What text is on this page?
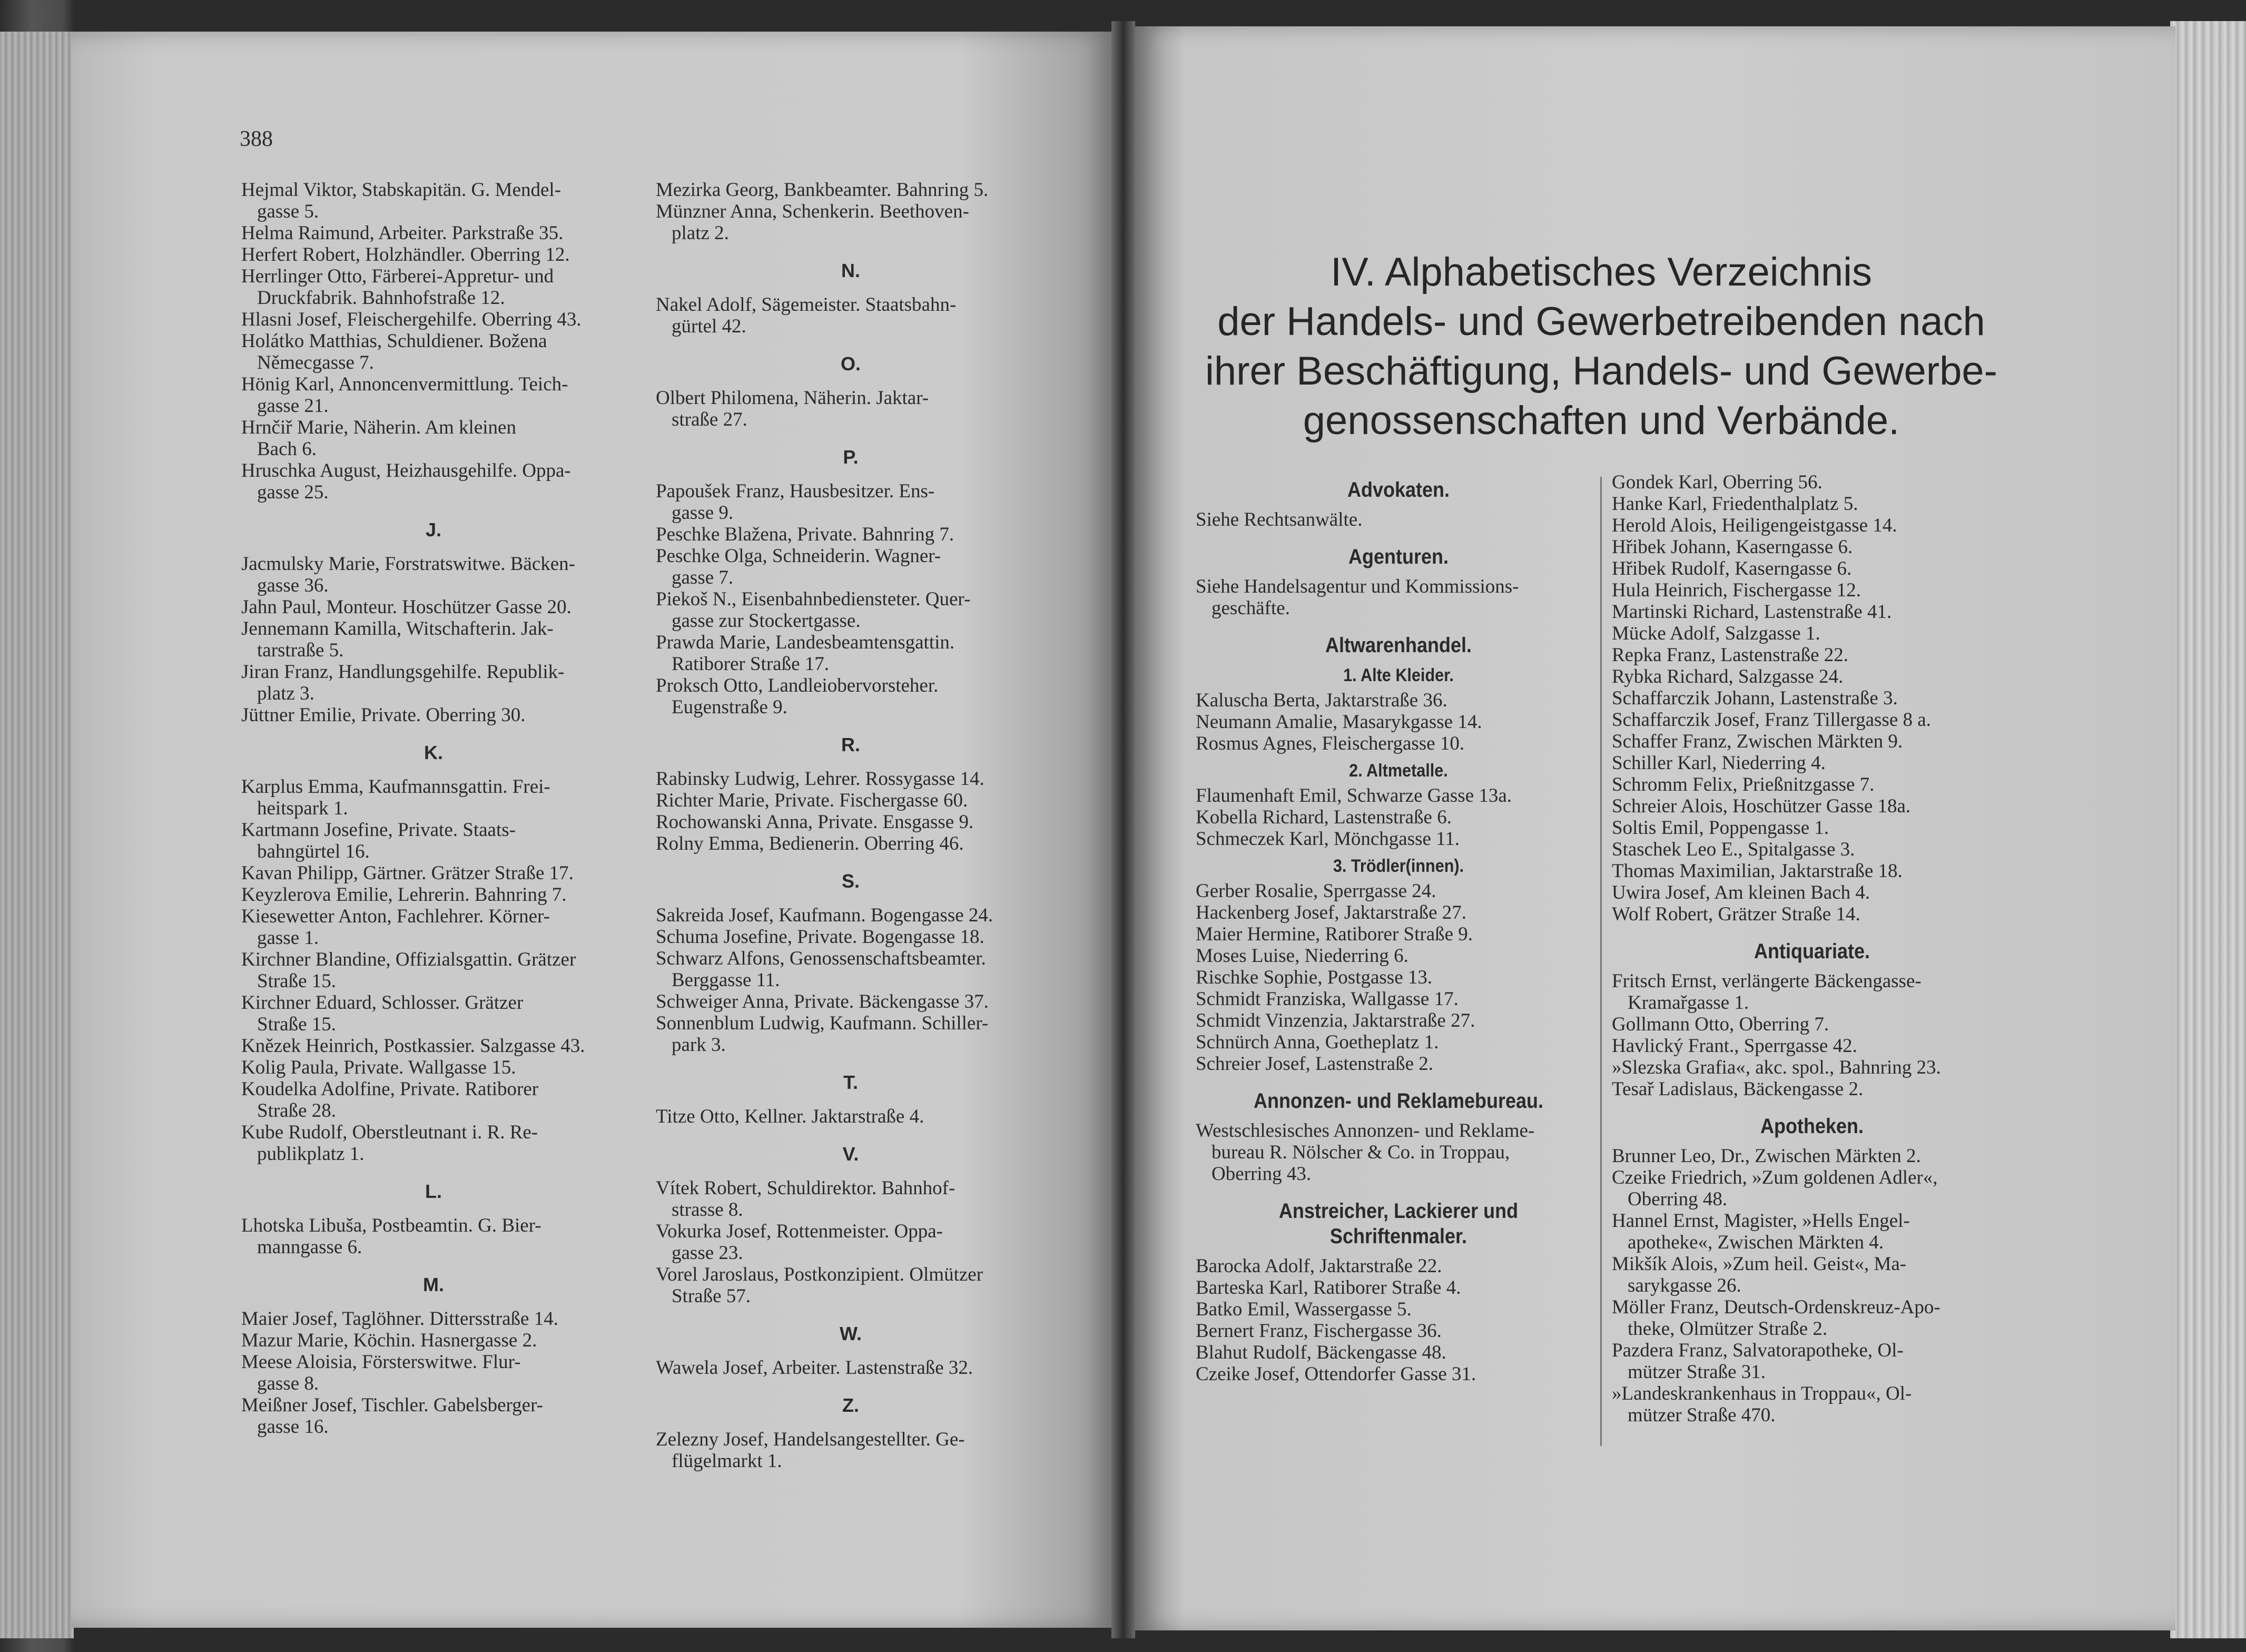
388
Hejmal Viktor, Stabskapitän. G. Mendel-
gasse 5.
Helma Raimund, Arbeiter. Parkstraße 35.
Herfert Robert, Holzhändler. Oberring 12.
Herrlinger Otto, Färberei-Appretur- und
Druckfabrik. Bahnhofstraße 12.
Hlasni Josef, Fleischergehilfe. Oberring 43.
Holátko Matthias, Schuldiener. Božena
Němecgasse 7.
Hönig Karl, Annoncenvermittlung. Teich-
gasse 21.
Hrnčiř Marie, Näherin. Am kleinen
Bach 6.
Hruschka August, Heizhausgehilfe. Oppa-
gasse 25.
J.
Jacmulsky Marie, Forstratswitwe. Bäcken-
gasse 36.
Jahn Paul, Monteur. Hoschützer Gasse 20.
Jennemann Kamilla, Witschafterin. Jak-
tarstraße 5.
Jiran Franz, Handlungsgehilfe. Republik-
platz 3.
Jüttner Emilie, Private. Oberring 30.
K.
Karplus Emma, Kaufmannsgattin. Frei-
heitspark 1.
Kartmann Josefine, Private. Staats-
bahngürtel 16.
Kavan Philipp, Gärtner. Grätzer Straße 17.
Keyzlerova Emilie, Lehrerin. Bahnring 7.
Kiesewetter Anton, Fachlehrer. Körner-
gasse 1.
Kirchner Blandine, Offizialsgattin. Grätzer
Straße 15.
Kirchner Eduard, Schlosser. Grätzer
Straße 15.
Knězek Heinrich, Postkassier. Salzgasse 43.
Kolig Paula, Private. Wallgasse 15.
Koudelka Adolfine, Private. Ratiborer
Straße 28.
Kube Rudolf, Oberstleutnant i. R. Re-
publikplatz 1.
L.
Lhotska Libuša, Postbeamtin. G. Bier-
manngasse 6.
M.
Maier Josef, Taglöhner. Dittersstraße 14.
Mazur Marie, Köchin. Hasnergasse 2.
Meese Aloisia, Försterswitwe. Flur-
gasse 8.
Meißner Josef, Tischler. Gabelsberger-
gasse 16.
Mezirka Georg, Bankbeamter. Bahnring 5.
Münzner Anna, Schenkerin. Beethoven-
platz 2.
N.
Nakel Adolf, Sägemeister. Staatsbahn-
gürtel 42.
O.
Olbert Philomena, Näherin. Jaktar-
straße 27.
P.
Papoušek Franz, Hausbesitzer. Ens-
gasse 9.
Peschke Blažena, Private. Bahnring 7.
Peschke Olga, Schneiderin. Wagner-
gasse 7.
Piekoš N., Eisenbahnbediensteter. Quer-
gasse zur Stockertgasse.
Prawda Marie, Landesbeamtensgattin.
Ratiborer Straße 17.
Proksch Otto, Landleiobervorsteher.
Eugenstraße 9.
R.
Rabinsky Ludwig, Lehrer. Rossygasse 14.
Richter Marie, Private. Fischergasse 60.
Rochowanski Anna, Private. Ensgasse 9.
Rolny Emma, Bedienerin. Oberring 46.
S.
Sakreida Josef, Kaufmann. Bogengasse 24.
Schuma Josefine, Private. Bogengasse 18.
Schwarz Alfons, Genossenschaftsbeamter.
Berggasse 11.
Schweiger Anna, Private. Bäckengasse 37.
Sonnenblum Ludwig, Kaufmann. Schiller-
park 3.
T.
Titze Otto, Kellner. Jaktarstraße 4.
V.
Vítek Robert, Schuldirektor. Bahnhof-
strasse 8.
Vokurka Josef, Rottenmeister. Oppa-
gasse 23.
Vorel Jaroslaus, Postkonzipient. Olmützer
Straße 57.
W.
Wawela Josef, Arbeiter. Lastenstraße 32.
Z.
Zelezny Josef, Handelsangestellter. Ge-
flügelmarkt 1.
IV. Alphabetisches Verzeichnis
der Handels- und Gewerbetreibenden nach
ihrer Beschäftigung, Handels- und Gewerbe-
genossenschaften und Verbände.
Advokaten.
Siehe Rechtsanwälte.
Agenturen.
Siehe Handelsagentur und Kommissions-
geschäfte.
Altwarenhandel.
1. Alte Kleider.
Kaluscha Berta, Jaktarstraße 36.
Neumann Amalie, Masarykgasse 14.
Rosmus Agnes, Fleischergasse 10.
2. Altmetalle.
Flaumenhaft Emil, Schwarze Gasse 13a.
Kobella Richard, Lastenstraße 6.
Schmeczek Karl, Mönchgasse 11.
3. Trödler(innen).
Gerber Rosalie, Sperrgasse 24.
Hackenberg Josef, Jaktarstraße 27.
Maier Hermine, Ratiborer Straße 9.
Moses Luise, Niederring 6.
Rischke Sophie, Postgasse 13.
Schmidt Franziska, Wallgasse 17.
Schmidt Vinzenzia, Jaktarstraße 27.
Schnürch Anna, Goetheplatz 1.
Schreier Josef, Lastenstraße 2.
Annonzen- und Reklamebureau.
Westschlesisches Annonzen- und Reklame-
bureau R. Nölscher & Co. in Troppau,
Oberring 43.
Anstreicher, Lackierer und Schriftenmaler.
Barocka Adolf, Jaktarstraße 22.
Barteska Karl, Ratiborer Straße 4.
Batko Emil, Wassergasse 5.
Bernert Franz, Fischergasse 36.
Blahut Rudolf, Bäckengasse 48.
Czeike Josef, Ottendorfer Gasse 31.
Gondek Karl, Oberring 56.
Hanke Karl, Friedenthalplatz 5.
Herold Alois, Heiligengeistgasse 14.
Hřibek Johann, Kaserngasse 6.
Hřibek Rudolf, Kaserngasse 6.
Hula Heinrich, Fischergasse 12.
Martinski Richard, Lastenstraße 41.
Mücke Adolf, Salzgasse 1.
Repka Franz, Lastenstraße 22.
Rybka Richard, Salzgasse 24.
Schaffarczik Johann, Lastenstraße 3.
Schaffarczik Josef, Franz Tillergasse 8 a.
Schaffer Franz, Zwischen Märkten 9.
Schiller Karl, Niederring 4.
Schromm Felix, Prießnitzgasse 7.
Schreier Alois, Hoschützer Gasse 18a.
Soltis Emil, Poppengasse 1.
Staschek Leo E., Spitalgasse 3.
Thomas Maximilian, Jaktarstraße 18.
Uwira Josef, Am kleinen Bach 4.
Wolf Robert, Grätzer Straße 14.
Antiquariate.
Fritsch Ernst, verlängerte Bäckengasse-
Kramařgasse 1.
Gollmann Otto, Oberring 7.
Havlický Frant., Sperrgasse 42.
»Slezska Grafia«, akc. spol., Bahnring 23.
Tesař Ladislaus, Bäckengasse 2.
Apotheken.
Brunner Leo, Dr., Zwischen Märkten 2.
Czeike Friedrich, »Zum goldenen Adler«,
Oberring 48.
Hannel Ernst, Magister, »Hells Engel-
apotheke«, Zwischen Märkten 4.
Mikšík Alois, »Zum heil. Geist«, Ma-
sarykgasse 26.
Möller Franz, Deutsch-Ordenskreuz-Apo-
theke, Olmützer Straße 2.
Pazdera Franz, Salvatorapotheke, Ol-
mützer Straße 31.
»Landeskrankenhaus in Troppau«, Ol-
mützer Straße 470.
